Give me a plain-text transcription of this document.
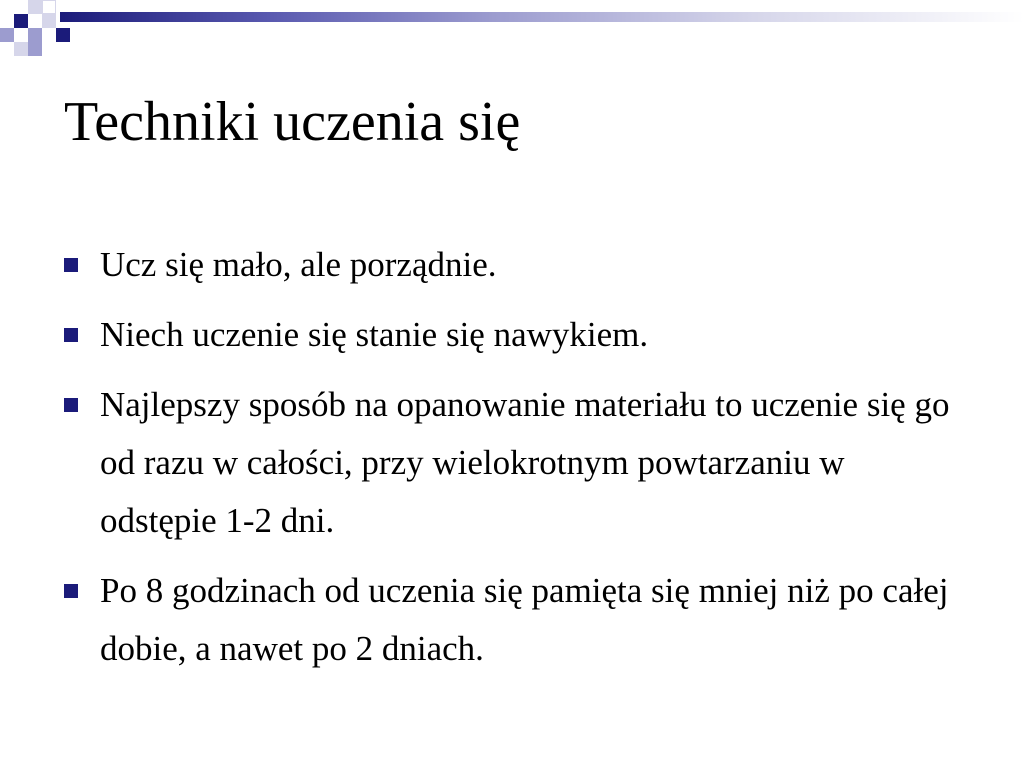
Techniki uczenia się
Ucz się mało, ale porządnie.
Niech uczenie się stanie się nawykiem.
Najlepszy sposób na opanowanie materiału to uczenie się go od razu w całości, przy wielokrotnym powtarzaniu w odstępie 1-2 dni.
Po 8 godzinach od uczenia się pamięta się mniej niż po całej dobie, a nawet po 2 dniach.
